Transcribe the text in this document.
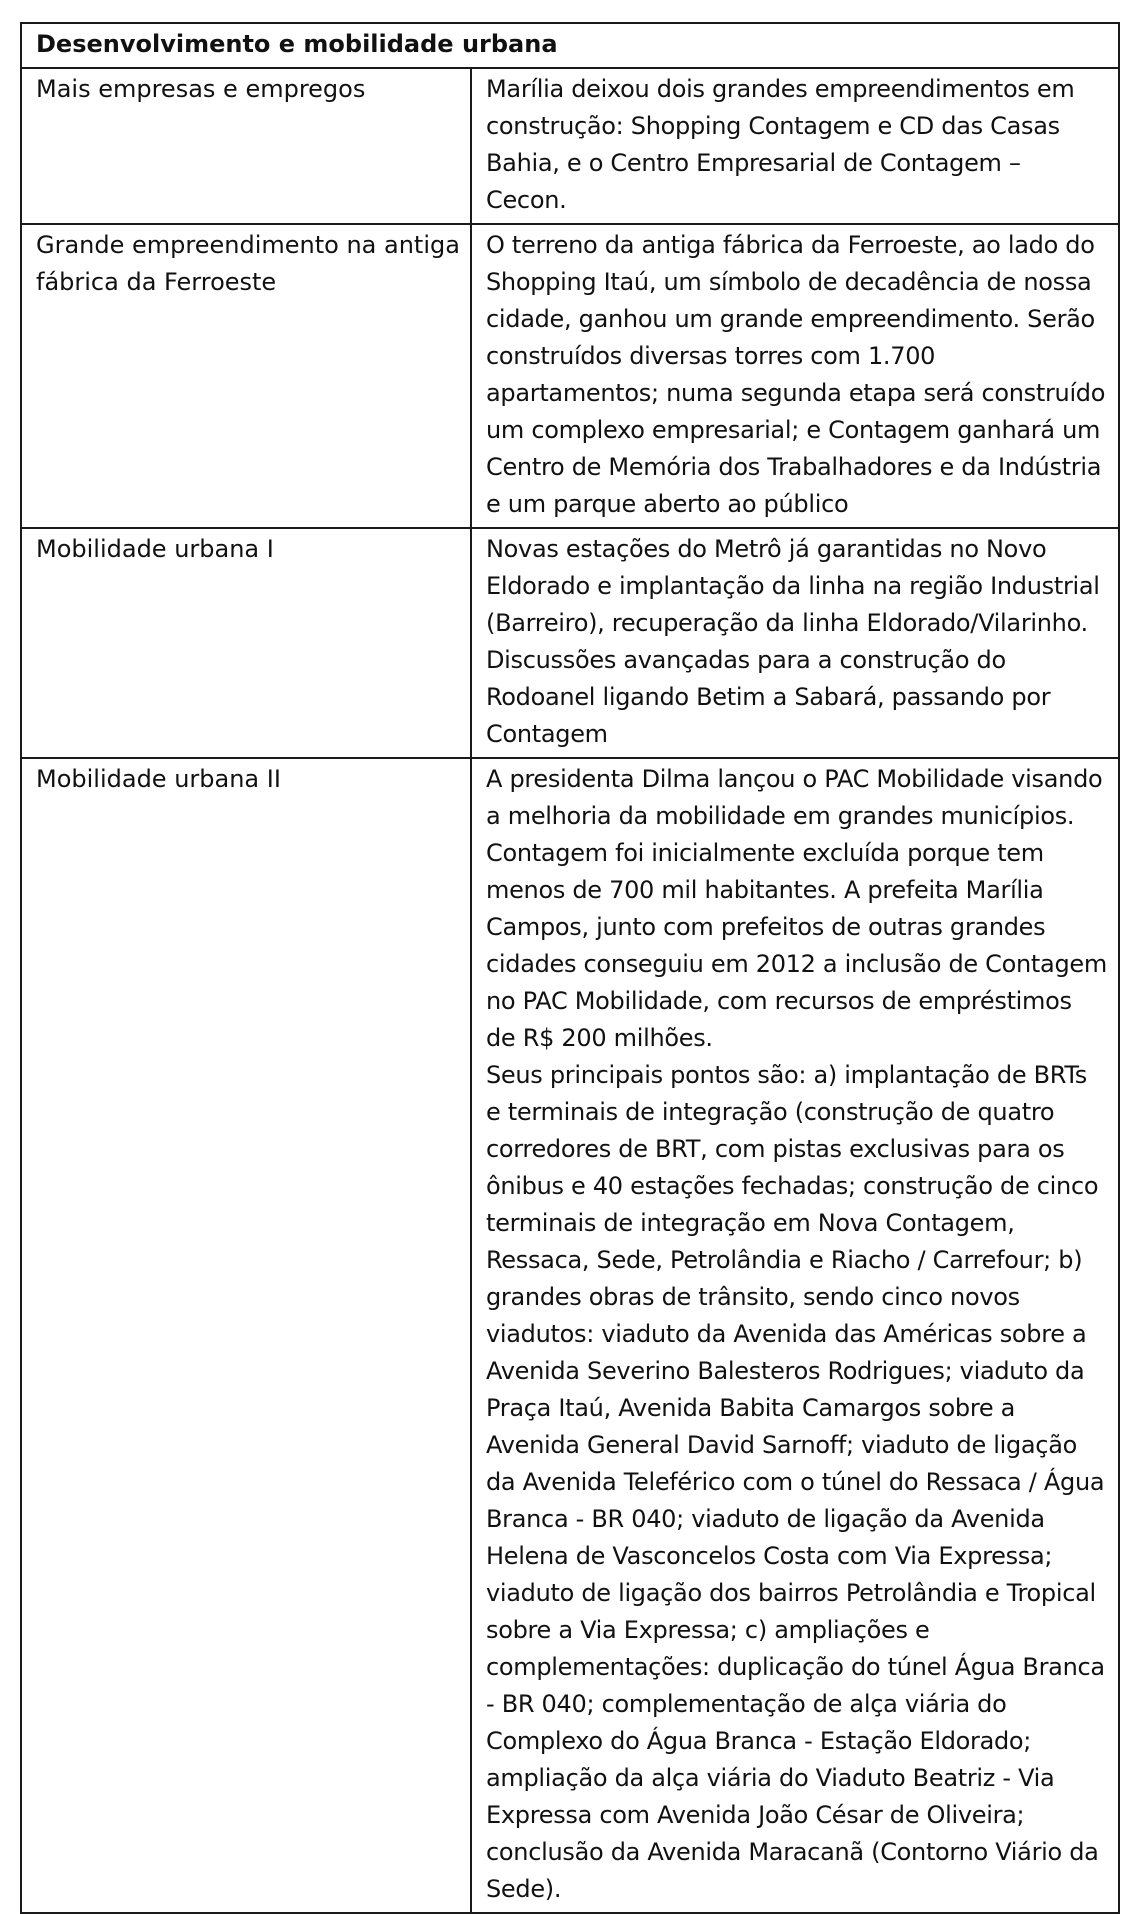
Desenvolvimento e mobilidade urbana	
Mais empresas e empregos	Marília deixou dois grandes empreendimentos em construção: Shopping Contagem e CD das Casas Bahia, e o Centro Empresarial de Contagem – Cecon.
Grande empreendimento na antiga fábrica da Ferroeste	O terreno da antiga fábrica da Ferroeste, ao lado do Shopping Itaú, um símbolo de decadência de nossa cidade, ganhou um grande empreendimento. Serão construídos diversas torres com 1.700 apartamentos; numa segunda etapa será construído um complexo empresarial; e Contagem ganhará um Centro de Memória dos Trabalhadores e da Indústria e um parque aberto ao público
Mobilidade urbana I	Novas estações do Metrô já garantidas no Novo Eldorado e implantação da linha na região Industrial (Barreiro), recuperação da linha Eldorado/Vilarinho. Discussões avançadas para a construção do Rodoanel ligando Betim a Sabará, passando por Contagem
Mobilidade urbana II	A presidenta Dilma lançou o PAC Mobilidade visando a melhoria da mobilidade em grandes municípios. Contagem foi inicialmente excluída porque tem menos de 700 mil habitantes. A prefeita Marília Campos, junto com prefeitos de outras grandes cidades conseguiu em 2012 a inclusão de Contagem no PAC Mobilidade, com recursos de empréstimos de R$ 200 milhões.
Seus principais pontos são: a) implantação de BRTs e terminais de integração (construção de quatro corredores de BRT, com pistas exclusivas para os ônibus e 40 estações fechadas; construção de cinco terminais de integração em Nova Contagem, Ressaca, Sede, Petrolândia e Riacho / Carrefour; b) grandes obras de trânsito, sendo cinco novos viadutos: viaduto da Avenida das Américas sobre a Avenida Severino Balesteros Rodrigues; viaduto da Praça Itaú, Avenida Babita Camargos sobre a Avenida General David Sarnoff; viaduto de ligação da Avenida Teleférico com o túnel do Ressaca / Água Branca - BR 040; viaduto de ligação da Avenida Helena de Vasconcelos Costa com Via Expressa; viaduto de ligação dos bairros Petrolândia e Tropical sobre a Via Expressa; c) ampliações e complementações: duplicação do túnel Água Branca - BR 040; complementação de alça viária do Complexo do Água Branca - Estação Eldorado; ampliação da alça viária do Viaduto Beatriz - Via Expressa com Avenida João César de Oliveira; conclusão da Avenida Maracanã (Contorno Viário da Sede).
